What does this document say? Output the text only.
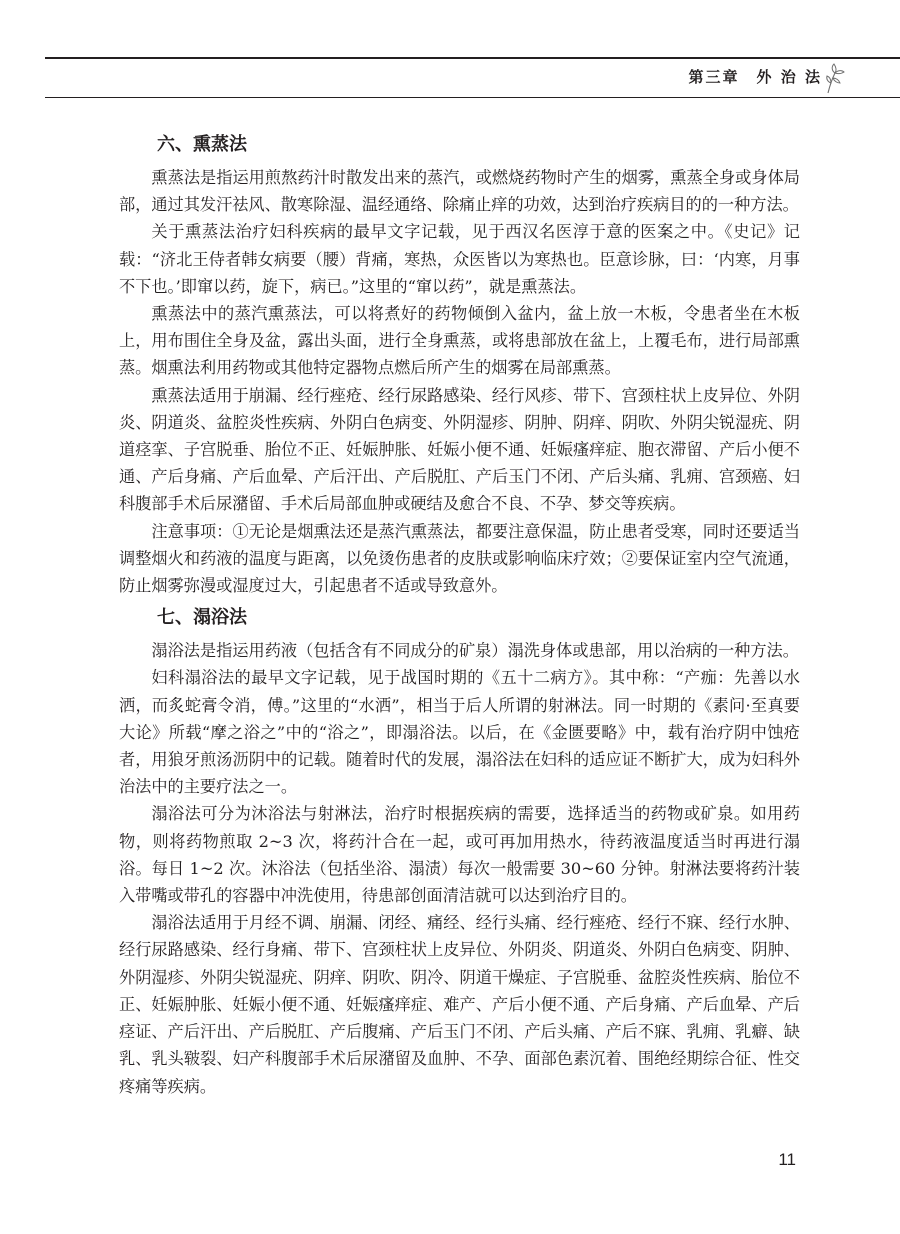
第三章　外 治 法
六、熏蒸法

熏蒸法是指运用煎熬药汁时散发出来的蒸汽，或燃烧药物时产生的烟雾，熏蒸全身或身体局部，通过其发汗祛风、散寒除湿、温经通络、除痛止痒的功效，达到治疗疾病目的的一种方法。

关于熏蒸法治疗妇科疾病的最早文字记载，见于西汉名医淳于意的医案之中。《史记》记载：“济北王侍者韩女病要（腰）背痛，寒热，众医皆以为寒热也。臣意诊脉，曰：‘内寒，月事不下也。’即窜以药，旋下，病已。”这里的“窜以药”，就是熏蒸法。

熏蒸法中的蒸汽熏蒸法，可以将煮好的药物倾倒入盆内，盆上放一木板，令患者坐在木板上，用布围住全身及盆，露出头面，进行全身熏蒸，或将患部放在盆上，上覆毛布，进行局部熏蒸。烟熏法利用药物或其他特定器物点燃后所产生的烟雾在局部熏蒸。

熏蒸法适用于崩漏、经行痤疮、经行尿路感染、经行风疹、带下、宫颈柱状上皮异位、外阴炎、阴道炎、盆腔炎性疾病、外阴白色病变、外阴湿疹、阴肿、阴痒、阴吹、外阴尖锐湿疣、阴道痉挛、子宫脱垂、胎位不正、妊娠肿胀、妊娠小便不通、妊娠瘙痒症、胞衣滞留、产后小便不通、产后身痛、产后血晕、产后汗出、产后脱肛、产后玉门不闭、产后头痛、乳痈、宫颈癌、妇科腹部手术后尿潴留、手术后局部血肿或硬结及愈合不良、不孕、梦交等疾病。

注意事项：①无论是烟熏法还是蒸汽熏蒸法，都要注意保温，防止患者受寒，同时还要适当调整烟火和药液的温度与距离，以免烫伤患者的皮肤或影响临床疗效；②要保证室内空气流通，防止烟雾弥漫或湿度过大，引起患者不适或导致意外。

七、溻浴法

溻浴法是指运用药液（包括含有不同成分的矿泉）溻洗身体或患部，用以治病的一种方法。

妇科溻浴法的最早文字记载，见于战国时期的《五十二病方》。其中称：“产痂：先善以水洒，而炙蛇膏令消，傅。”这里的“水洒”，相当于后人所谓的射淋法。同一时期的《素问·至真要大论》所载“摩之浴之”中的“浴之”，即溻浴法。以后，在《金匮要略》中，载有治疗阴中蚀疮者，用狼牙煎汤沥阴中的记载。随着时代的发展，溻浴法在妇科的适应证不断扩大，成为妇科外治法中的主要疗法之一。

溻浴法可分为沐浴法与射淋法，治疗时根据疾病的需要，选择适当的药物或矿泉。如用药物，则将药物煎取 2~3 次，将药汁合在一起，或可再加用热水，待药液温度适当时再进行溻浴。每日 1~2 次。沐浴法（包括坐浴、溻渍）每次一般需要 30~60 分钟。射淋法要将药汁装入带嘴或带孔的容器中冲洗使用，待患部创面清洁就可以达到治疗目的。

溻浴法适用于月经不调、崩漏、闭经、痛经、经行头痛、经行痤疮、经行不寐、经行水肿、经行尿路感染、经行身痛、带下、宫颈柱状上皮异位、外阴炎、阴道炎、外阴白色病变、阴肿、外阴湿疹、外阴尖锐湿疣、阴痒、阴吹、阴冷、阴道干燥症、子宫脱垂、盆腔炎性疾病、胎位不正、妊娠肿胀、妊娠小便不通、妊娠瘙痒症、难产、产后小便不通、产后身痛、产后血晕、产后痉证、产后汗出、产后脱肛、产后腹痛、产后玉门不闭、产后头痛、产后不寐、乳痈、乳癖、缺乳、乳头皲裂、妇产科腹部手术后尿潴留及血肿、不孕、面部色素沉着、围绝经期综合征、性交疼痛等疾病。

11
